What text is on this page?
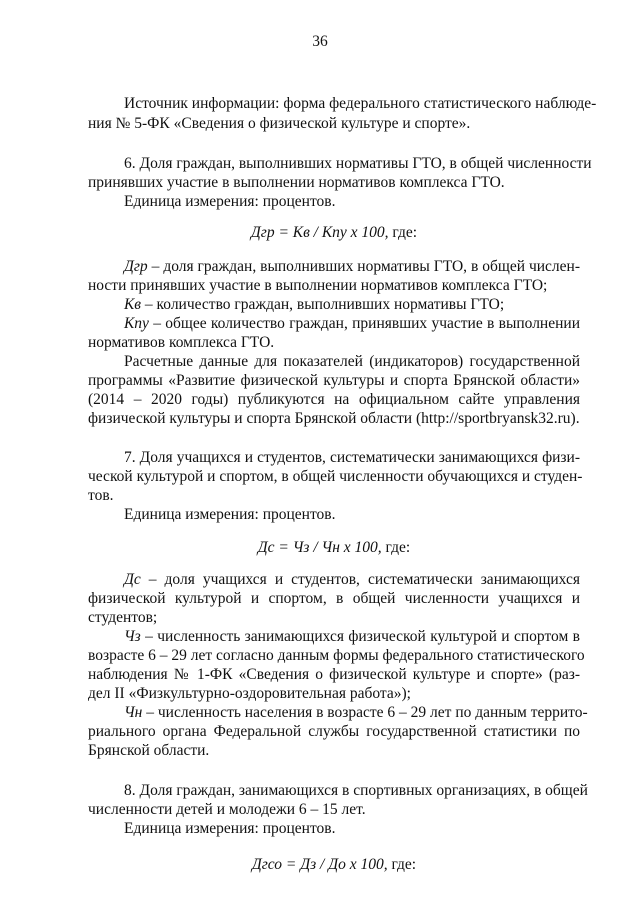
36
Источник информации: форма федерального статистического наблюде-
ния № 5-ФК «Сведения о физической культуре и спорте».
6. Доля граждан, выполнивших нормативы ГТО, в общей численности
принявших участие в выполнении нормативов комплекса ГТО.
Единица измерения: процентов.
Дгр = Кв / Кпу х 100, где:
Дгр – доля граждан, выполнивших нормативы ГТО, в общей числен-
ности принявших участие в выполнении нормативов комплекса ГТО;
Кв – количество граждан, выполнивших нормативы ГТО;
Кпу – общее количество граждан, принявших участие в выполнении
нормативов комплекса ГТО.
Расчетные данные для показателей (индикаторов) государственной
программы «Развитие физической культуры и спорта Брянской области»
(2014 – 2020 годы) публикуются на официальном сайте управления
физической культуры и спорта Брянской области (http://sportbryansk32.ru).
7. Доля учащихся и студентов, систематически занимающихся физи-
ческой культурой и спортом, в общей численности обучающихся и студен-
тов.
Единица измерения: процентов.
Дс = Чз / Чн х 100, где:
Дс – доля учащихся и студентов, систематически занимающихся
физической культурой и спортом, в общей численности учащихся и
студентов;
Чз – численность занимающихся физической культурой и спортом в
возрасте 6 – 29 лет согласно данным формы федерального статистического
наблюдения № 1-ФК «Сведения о физической культуре и спорте» (раз-
дел II «Физкультурно-оздоровительная работа»);
Чн – численность населения в возрасте 6 – 29 лет по данным террито-
риального органа Федеральной службы государственной статистики по
Брянской области.
8. Доля граждан, занимающихся в спортивных организациях, в общей
численности детей и молодежи 6 – 15 лет.
Единица измерения: процентов.
Дгсо = Дз / До х 100, где:
